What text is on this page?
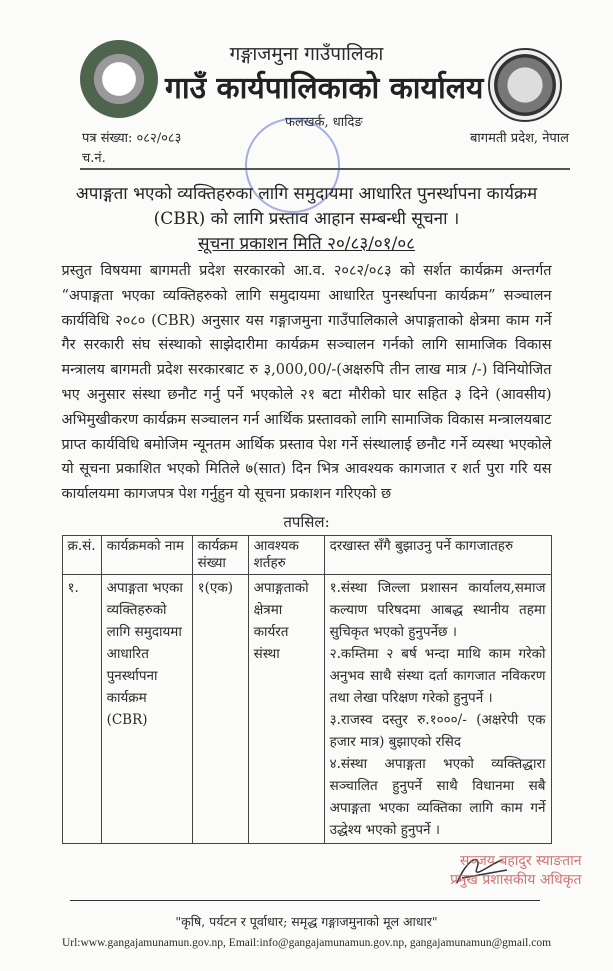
गङ्गाजमुना गाउँपालिका
गाउँ कार्यपालिकाको कार्यालय
फलखर्क, धादिङ
पत्र संख्या: ०८२/०८३
च.नं.
बागमती प्रदेश, नेपाल
अपाङ्गता भएको व्यक्तिहरुका लागि समुदायमा आधारित पुनर्स्थापना कार्यक्रम
(CBR) को लागि प्रस्ताव आहान सम्बन्धी सूचना ।
सूचना प्रकाशन मिति २०/८३/०१/०८
प्रस्तुत विषयमा बागमती प्रदेश सरकारको आ.व. २०८२/०८३ को सर्शत कार्यक्रम अन्तर्गत “अपाङ्गता भएका व्यक्तिहरुको लागि समुदायमा आधारित पुनर्स्थापना कार्यक्रम” सञ्चालन कार्यविधि २०८० (CBR) अनुसार यस गङ्गाजमुना गाउँपालिकाले अपाङ्गताको क्षेत्रमा काम गर्ने गैर सरकारी संघ संस्थाको साझेदारीमा कार्यक्रम सञ्चालन गर्नको लागि सामाजिक विकास मन्त्रालय बागमती प्रदेश सरकारबाट रु ३,000,00/-(अक्षरुपि तीन लाख मात्र /-) विनियोजित भए अनुसार संस्था छनौट गर्नु पर्ने भएकोले २१ बटा मौरीको घार सहित ३ दिने (आवसीय) अभिमुखीकरण कार्यक्रम सञ्चालन गर्न आर्थिक प्रस्तावको लागि सामाजिक विकास मन्त्रालयबाट प्राप्त कार्यविधि बमोजिम न्यूनतम आर्थिक प्रस्ताव पेश गर्ने संस्थालाई छनौट गर्ने व्यस्था भएकोले यो सूचना प्रकाशित भएको मितिले ७(सात) दिन भित्र आवश्यक कागजात र शर्त पुरा गरि यस कार्यालयमा कागजपत्र पेश गर्नुहुन यो सूचना प्रकाशन गरिएको छ
तपसिल:
क्र.सं.	कार्यक्रमको नाम	कार्यक्रम संख्या	आवश्यक शर्तहरु	दरखास्त सँगै बुझाउनु पर्ने कागजातहरु
१.	अपाङ्गता भएका व्यक्तिहरुको लागि समुदायमा आधारित पुनर्स्थापना कार्यक्रम (CBR)	१(एक)	अपाङ्गताको क्षेत्रमा कार्यरत संस्था	१.संस्था जिल्ला प्रशासन कार्यालय,समाज कल्याण परिषदमा आबद्ध स्थानीय तहमा सुचिकृत भएको हुनुपर्नेछ ।
२.कम्तिमा २ बर्ष भन्दा माथि काम गरेको अनुभव साथै संस्था दर्ता कागजात नविकरण तथा लेखा परिक्षण गरेको हुनुपर्ने ।
३.राजस्व दस्तुर रु.१०००/- (अक्षरेपी एक हजार मात्र) बुझाएको रसिद
४.संस्था अपाङ्गता भएको व्यक्तिद्धारा सञ्चालित हुनुपर्ने साथै विधानमा सबै अपाङ्गता भएका व्यक्तिका लागि काम गर्ने उद्धेश्य भएको हुनुपर्ने ।
सञ्जय बहादुर स्याङतान
प्रमुख प्रशासकीय अधिकृत
"कृषि, पर्यटन र पूर्वाधार; समृद्ध गङ्गाजमुनाको मूल आधार"
Url:www.gangajamunamun.gov.np, Email:info@gangajamunamun.gov.np, gangajamunamun@gmail.com
